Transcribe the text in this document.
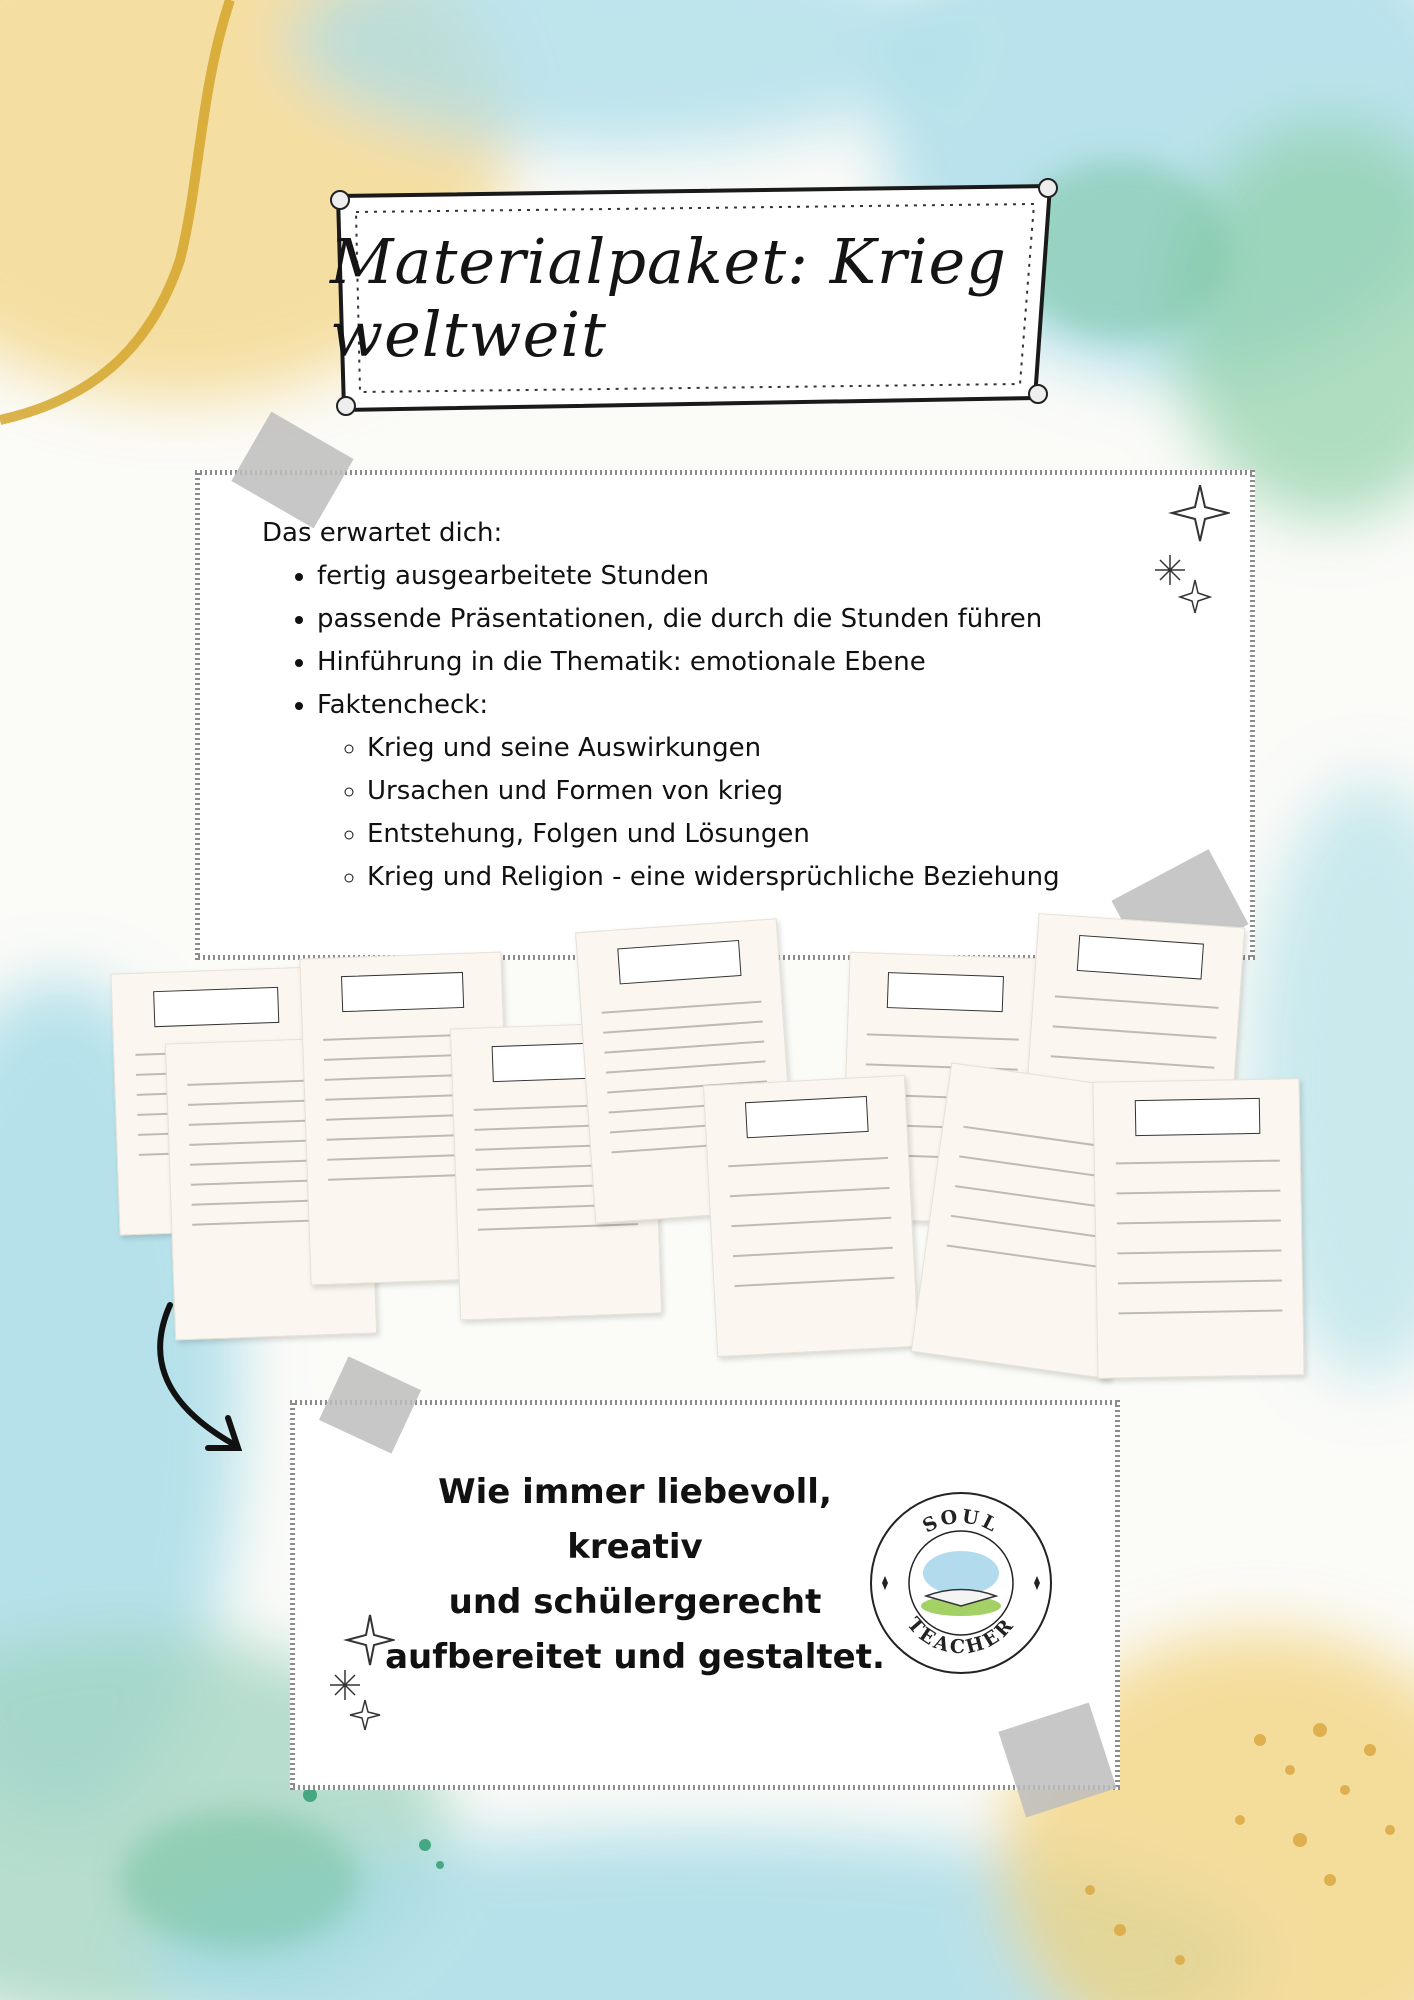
Materialpaket: Krieg weltweit

Das erwartet dich:

• fertig ausgearbeitete Stunden
• passende Präsentationen, die durch die Stunden führen
• Hinführung in die Thematik: emotionale Ebene
• Faktencheck:
◦ Krieg und seine Auswirkungen
◦ Ursachen und Formen von krieg
◦ Entstehung, Folgen und Lösungen
◦ Krieg und Religion - eine widersprüchliche Beziehung
Wie immer liebevoll,
kreativ
und schülergerecht
aufbereitet und gestaltet.
SOUL
TEACHER
